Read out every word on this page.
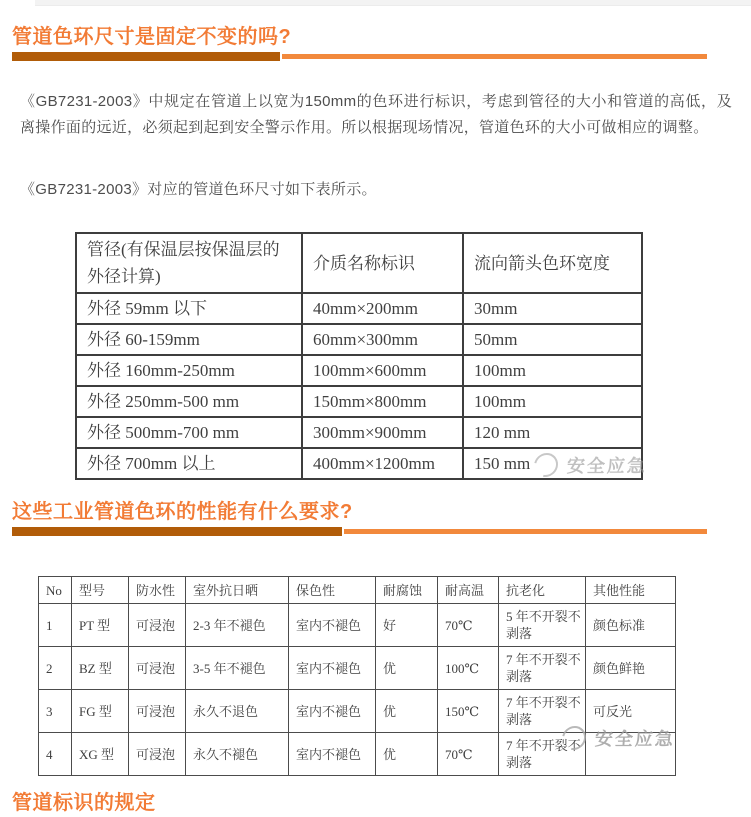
管道色环尺寸是固定不变的吗?

《GB7231-2003》中规定在管道上以宽为150mm的色环进行标识，考虑到管径的大小和管道的高低，及离操作面的远近，必须起到起到安全警示作用。所以根据现场情况，管道色环的大小可做相应的调整。

《GB7231-2003》对应的管道色环尺寸如下表所示。

管径(有保温层按保温层的外径计算)	介质名称标识	流向箭头色环宽度
外径 59mm 以下	40mm×200mm	30mm
外径 60-159mm	60mm×300mm	50mm
外径 160mm-250mm	100mm×600mm	100mm
外径 250mm-500 mm	150mm×800mm	100mm
外径 500mm-700 mm	300mm×900mm	120 mm
外径 700mm 以上	400mm×1200mm	150 mm
这些工业管道色环的性能有什么要求?
No	型号	防水性	室外抗日晒	保色性	耐腐蚀	耐高温	抗老化	其他性能
1	PT 型	可浸泡	2-3 年不褪色	室内不褪色	好	70℃	5 年不开裂不剥落	颜色标准
2	BZ 型	可浸泡	3-5 年不褪色	室内不褪色	优	100℃	7 年不开裂不剥落	颜色鲜艳
3	FG 型	可浸泡	永久不退色	室内不褪色	优	150℃	7 年不开裂不剥落	可反光
4	XG 型	可浸泡	永久不褪色	室内不褪色	优	70℃	7 年不开裂不剥落	
管道标识的规定
安全应急
安全应急
